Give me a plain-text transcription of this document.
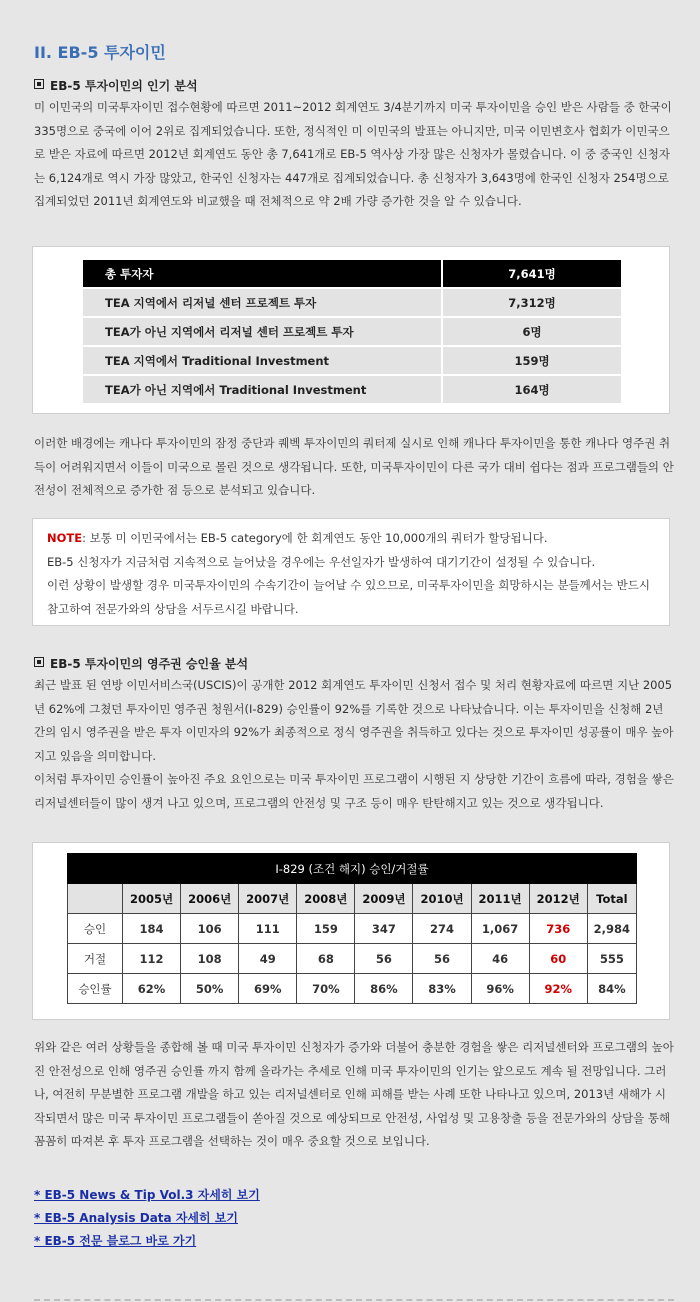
II. EB-5 투자이민
EB-5 투자이민의 인기 분석

미 이민국의 미국투자이민 접수현황에 따르면 2011~2012 회계연도 3/4분기까지 미국 투자이민을 승인 받은 사람들 중 한국이 335명으로 중국에 이어 2위로 집계되었습니다. 또한, 정식적인 미 이민국의 발표는 아니지만, 미국 이민변호사 협회가 이민국으로 받은 자료에 따르면 2012년 회계연도 동안 총 7,641개로 EB-5 역사상 가장 많은 신청자가 몰렸습니다. 이 중 중국인 신청자는 6,124개로 역시 가장 많았고, 한국인 신청자는 447개로 집계되었습니다. 총 신청자가 3,643명에 한국인 신청자 254명으로 집계되었던 2011년 회계연도와 비교했을 때 전체적으로 약 2배 가량 증가한 것을 알 수 있습니다.

총 투자자	7,641명
TEA 지역에서 리저널 센터 프로젝트 투자	7,312명
TEA가 아닌 지역에서 리저널 센터 프로젝트 투자	6명
TEA 지역에서 Traditional Investment	159명
TEA가 아닌 지역에서 Traditional Investment	164명

이러한 배경에는 캐나다 투자이민의 잠정 중단과 퀘벡 투자이민의 쿼터제 실시로 인해 캐나다 투자이민을 통한 캐나다 영주권 취득이 어려워지면서 이들이 미국으로 몰린 것으로 생각됩니다. 또한, 미국투자이민이 다른 국가 대비 쉽다는 점과 프로그램들의 안전성이 전체적으로 증가한 점 등으로 분석되고 있습니다.

NOTE: 보통 미 이민국에서는 EB-5 category에 한 회계연도 동안 10,000개의 쿼터가 할당됩니다.
EB-5 신청자가 지금처럼 지속적으로 늘어났을 경우에는 우선일자가 발생하여 대기기간이 설정될 수 있습니다.
이런 상황이 발생할 경우 미국투자이민의 수속기간이 늘어날 수 있으므로, 미국투자이민을 희망하시는 분들께서는 반드시 참고하여 전문가와의 상담을 서두르시길 바랍니다.

EB-5 투자이민의 영주권 승인율 분석

최근 발표 된 연방 이민서비스국(USCIS)이 공개한 2012 회계연도 투자이민 신청서 접수 및 처리 현황자료에 따르면 지난 2005년 62%에 그쳤던 투자이민 영주권 청원서(I-829) 승인률이 92%를 기록한 것으로 나타났습니다. 이는 투자이민을 신청해 2년 간의 임시 영주권을 받은 투자 이민자의 92%가 최종적으로 정식 영주권을 취득하고 있다는 것으로 투자이민 성공률이 매우 높아지고 있음을 의미합니다.

이처럼 투자이민 승인률이 높아진 주요 요인으로는 미국 투자이민 프로그램이 시행된 지 상당한 기간이 흐름에 따라, 경험을 쌓은 리저널센터들이 많이 생겨 나고 있으며, 프로그램의 안전성 및 구조 등이 매우 탄탄해지고 있는 것으로 생각됩니다.

I-829 (조건 해지) 승인/거절률									
	2005년	2006년	2007년	2008년	2009년	2010년	2011년	2012년	Total
승인	184	106	111	159	347	274	1,067	736	2,984
거절	112	108	49	68	56	56	46	60	555
승인률	62%	50%	69%	70%	86%	83%	96%	92%	84%

위와 같은 여러 상황들을 종합해 볼 때 미국 투자이민 신청자가 증가와 더불어 충분한 경험을 쌓은 리저널센터와 프로그램의 높아진 안전성으로 인해 영주권 승인률 까지 함께 올라가는 추세로 인해 미국 투자이민의 인기는 앞으로도 계속 될 전망입니다. 그러나, 여전히 무분별한 프로그램 개발을 하고 있는 리저널센터로 인해 피해를 받는 사례 또한 나타나고 있으며, 2013년 새해가 시작되면서 많은 미국 투자이민 프로그램들이 쏟아질 것으로 예상되므로 안전성, 사업성 및 고용창출 등을 전문가와의 상담을 통해 꼼꼼히 따져본 후 투자 프로그램을 선택하는 것이 매우 중요할 것으로 보입니다.

* EB-5 News & Tip Vol.3 자세히 보기
* EB-5 Analysis Data 자세히 보기
* EB-5 전문 블로그 바로 가기
